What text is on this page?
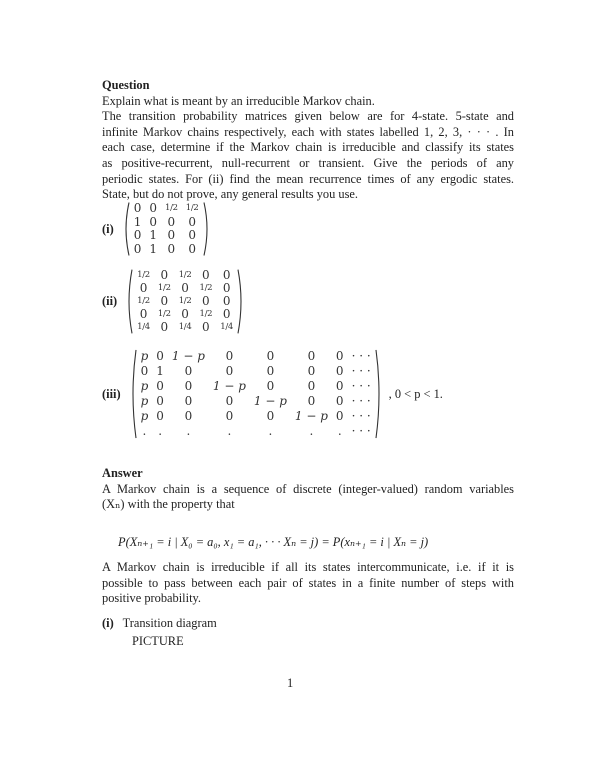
Question
Explain what is meant by an irreducible Markov chain.
The transition probability matrices given below are for 4-state. 5-state and
infinite Markov chains respectively, each with states labelled 1, 2, 3, · · · . In
each case, determine if the Markov chain is irreducible and classify its states
as positive-recurrent, null-recurrent or transient. Give the periods of any
periodic states. For (ii) find the mean recurrence times of any ergodic states.
State, but do not prove, any general results you use.
(i)
0	0	1/2	1/2
1	0	0	0
0	1	0	0
0	1	0	0
(ii)
1/2	0	1/2	0	0
0	1/2	0	1/2	0
1/2	0	1/2	0	0
0	1/2	0	1/2	0
1/4	0	1/4	0	1/4
(iii)
p	0	1 − p	0	0	0	0	· · ·
0	1	0	0	0	0	0	· · ·
p	0	0	1 − p	0	0	0	· · ·
p	0	0	0	1 − p	0	0	· · ·
p	0	0	0	0	1 − p	0	· · ·
.	.	.	.	.	.	.	· · ·
, 0 < p < 1.
Answer
A Markov chain is a sequence of discrete (integer-valued) random variables
(Xₙ) with the property that
P(Xₙ₊₁ = i | X₀ = a₀, x₁ = a₁, · · · Xₙ = j) = P(xₙ₊₁ = i | Xₙ = j)
A Markov chain is irreducible if all its states intercommunicate, i.e. if it is
possible to pass between each pair of states in a finite number of steps with
positive probability.
(i) Transition diagram
PICTURE
1
